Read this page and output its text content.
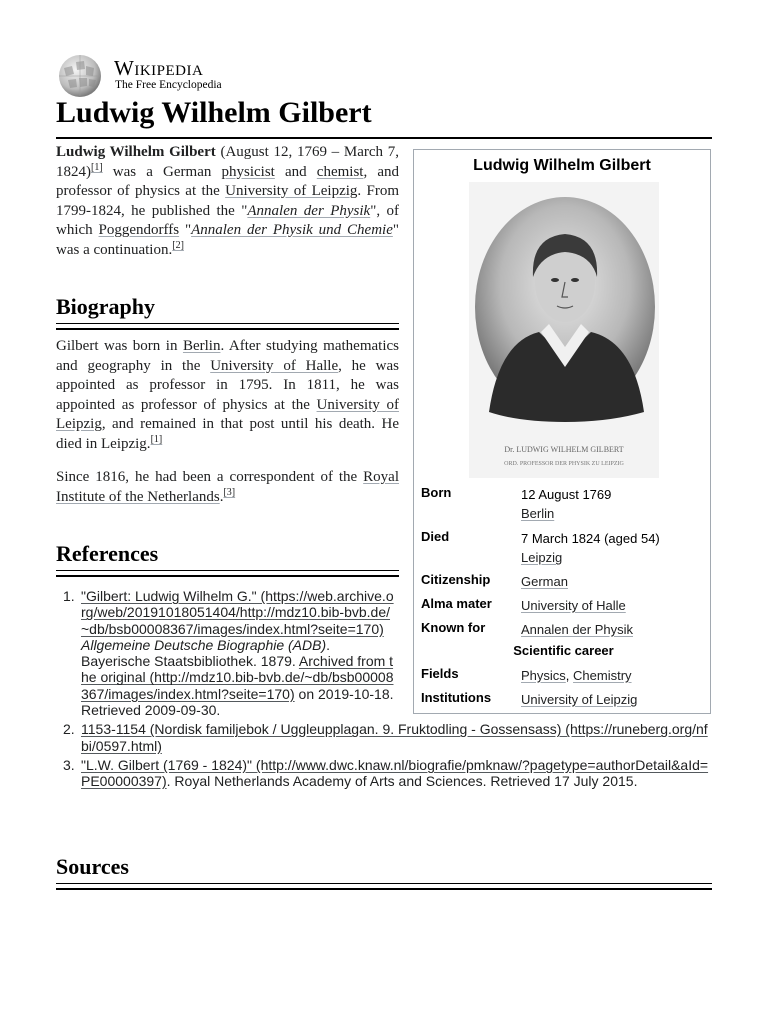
Wikipedia
The Free Encyclopedia
Ludwig Wilhelm Gilbert

Ludwig Wilhelm Gilbert (August 12, 1769 – March 7, 1824)[1] was a German physicist and chemist, and professor of physics at the University of Leipzig. From 1799-1824, he published the "Annalen der Physik", of which Poggendorffs "Annalen der Physik und Chemie" was a continuation.[2]

Biography

Gilbert was born in Berlin. After studying mathematics and geography in the University of Halle, he was appointed as professor in 1795. In 1811, he was appointed as professor of physics at the University of Leipzig, and remained in that post until his death. He died in Leipzig.[1]

Since 1816, he had been a correspondent of the Royal Institute of the Netherlands.[3]

References
1. "Gilbert: Ludwig Wilhelm G." (https://web.archive.org/web/20191018051404/http://mdz10.bib-bvb.de/~db/bsb00008367/images/index.html?seite=170) Allgemeine Deutsche Biographie (ADB). Bayerische Staatsbibliothek. 1879. Archived from the original (http://mdz10.bib-bvb.de/~db/bsb00008367/images/index.html?seite=170) on 2019-10-18. Retrieved 2009-09-30.
2. 1153-1154 (Nordisk familjebok / Uggleupplagan. 9. Fruktodling - Gossensass) (https://runeberg.org/nfbi/0597.html)
3. "L.W. Gilbert (1769 - 1824)" (http://www.dwc.knaw.nl/biografie/pmknaw/?pagetype=authorDetail&aId=PE00000397). Royal Netherlands Academy of Arts and Sciences. Retrieved 17 July 2015.
Sources
Ludwig Wilhelm Gilbert
Dr. LUDWIG WILHELM GILBERT
ORD. PROFESSOR DER PHYSIK ZU LEIPZIG
Born	12 August 1769
Berlin
Died	7 March 1824 (aged 54)
Leipzig
Citizenship German
Alma mater University of Halle
Known for	Annalen der Physik
Scientific career
Fields	Physics, Chemistry
Institutions University of Leipzig
